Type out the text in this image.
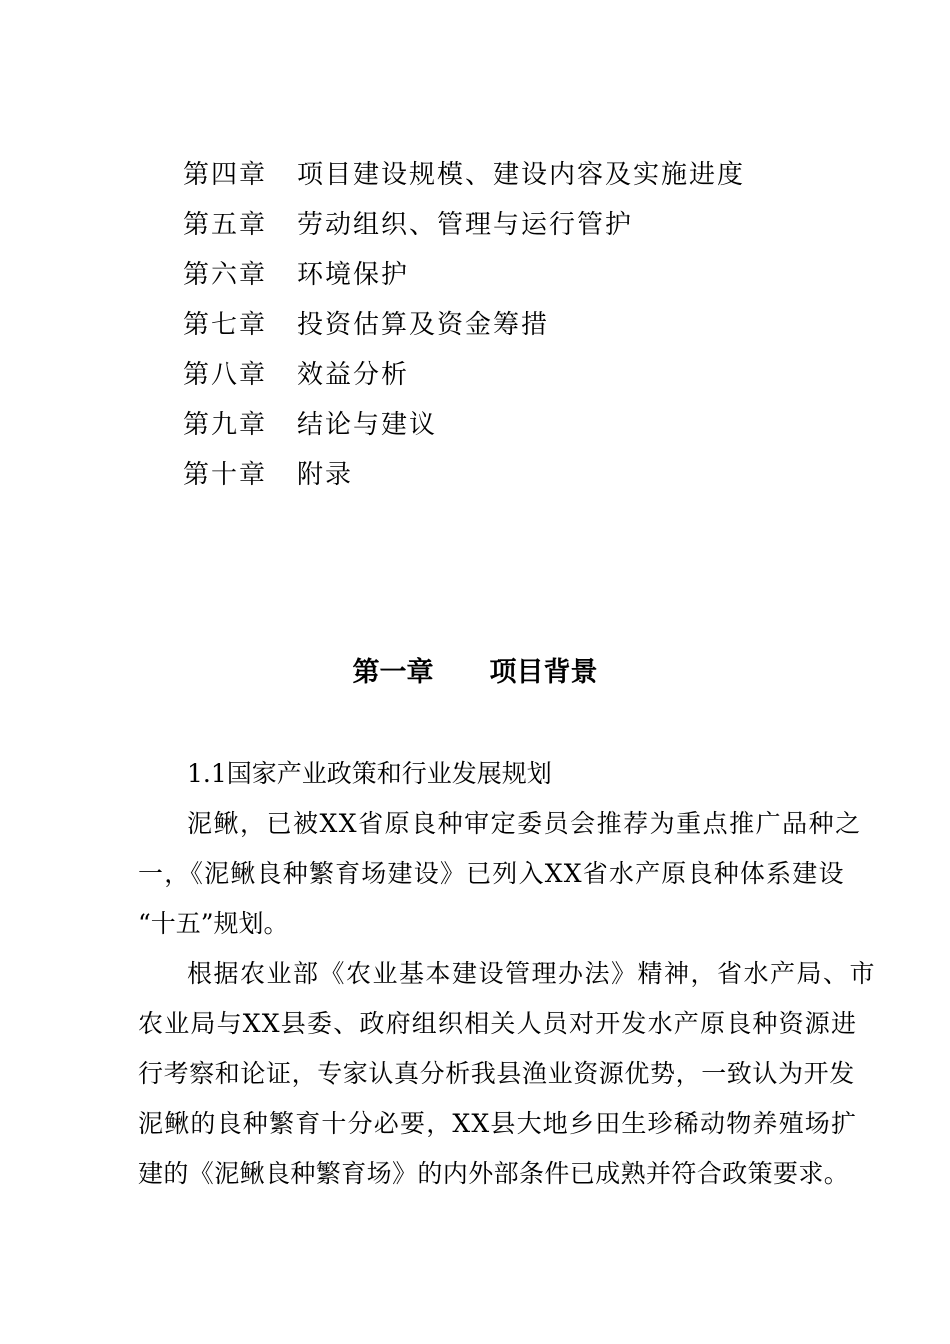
第四章 项目建设规模、建设内容及实施进度
第五章 劳动组织、管理与运行管护
第六章 环境保护
第七章 投资估算及资金筹措
第八章 效益分析
第九章 结论与建议
第十章 附录
第一章 项目背景
1.1国家产业政策和行业发展规划
泥鳅，已被XX省原良种审定委员会推荐为重点推广品种之
一，《泥鳅良种繁育场建设》已列入XX省水产原良种体系建设
“十五”规划。
根据农业部《农业基本建设管理办法》精神，省水产局、市
农业局与XX县委、政府组织相关人员对开发水产原良种资源进
行考察和论证，专家认真分析我县渔业资源优势，一致认为开发
泥鳅的良种繁育十分必要，XX县大地乡田生珍稀动物养殖场扩
建的《泥鳅良种繁育场》的内外部条件已成熟并符合政策要求。
